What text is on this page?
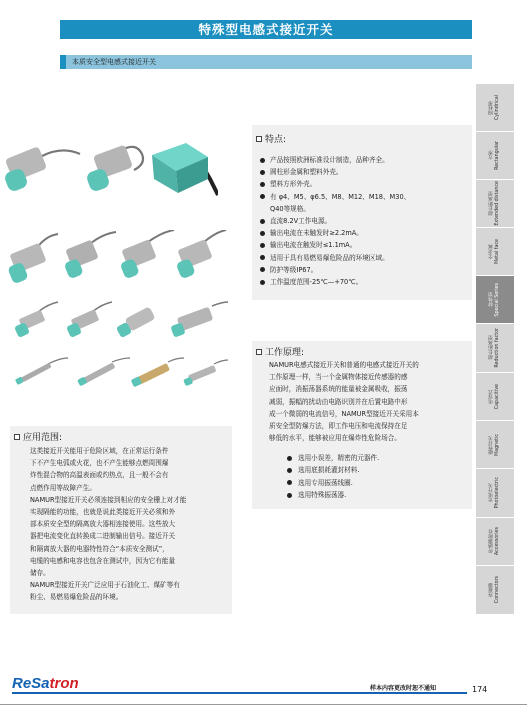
特殊型电感式接近开关
本质安全型电感式接近开关
特点:
产品按照欧洲标准设计制造，品种齐全。
圆柱形金属和塑料外壳。
塑料方形外壳。
有 φ4、M5、φ6.5、M8、M12、M18、M30、
Q40等规格。
直流8.2V工作电源。
输出电流在未触发时≥2.2mA。
输出电流在触发时≤1.1mA。
适用于具有易燃易爆危险品的环境区域。
防护等级IP67。
工作温度范围-25℃—+70℃。
工作原理:
NAMUR电感式接近开关和普通的电感式接近开关的
工作原理一样，当一个金属物体接近传感器的感
应面时，消振荡器系统的能量被金属吸收，振荡
减弱，振幅的扰动由电路识别并在后置电路中形
成一个微弱的电流信号，NAMUR型接近开关采用本
质安全型防爆方法，即工作电压和电流保持在足
够低的水平，能够被应用在爆炸性危险场合。
选用小误差，精密的元器件.
选用底损耗灌封材料.
选用专用振荡线圈.
选用特殊振荡器.
应用范围:
这类接近开关能用于危险区域，在正常运行条件
下不产生电弧或火花，也不产生能够点燃周围爆
炸性混合物的高温表面或灼热点，且一般不会有
点燃作用等故障产生。
NAMUR型接近开关必须连接到相应的安全栅上对才能
实现隔能的功能，也就是说此类接近开关必须和外
部本质安全型的隔离放大器相连接使用。这些放大
器把电流变化直转换成二进制输出信号。接近开关
和隔离放大器的电器特性符合“本质安全测试”，
电缆的电感和电容也包含在测试中，因为它有能量
储存。
NAMUR型接近开关广泛应用于石油化工、煤矿等有
粉尘、易燃易爆危险品的环境。
圆柱形
Cylindrical
方形
Rectangular
超长距离型
Extended distance
全金属
Metal face
特殊型
Special Series
超长距离型
Reduction factor
电容式
Capacitive
磁性开关
Magnetic
光电开关
Photoelectric
传感器附件
Accessories
连接器
Connectors
ReSatron	样本内容更改时恕不通知	174
